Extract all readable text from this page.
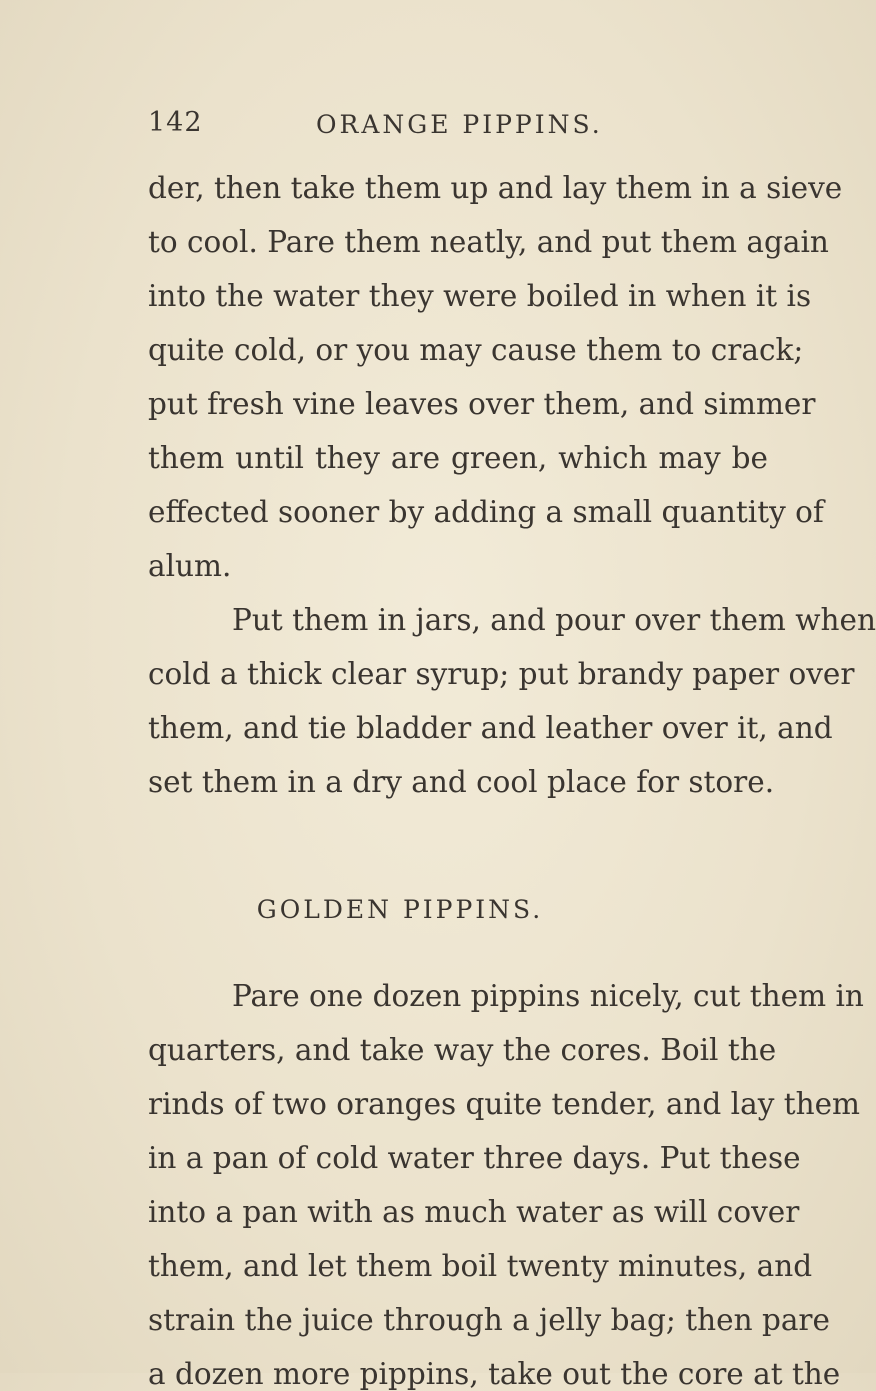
142	ORANGE PIPPINS.
der, then take them up and lay them in a sieve
to cool. Pare them neatly, and put them again
into the water they were boiled in when it is
quite cold, or you may cause them to crack;
put fresh vine leaves over them, and simmer
them until they are green, which may be
effected sooner by adding a small quantity of
alum.
Put them in jars, and pour over them when
cold a thick clear syrup; put brandy paper over
them, and tie bladder and leather over it, and
set them in a dry and cool place for store.
GOLDEN PIPPINS.
Pare one dozen pippins nicely, cut them in
quarters, and take way the cores. Boil the
rinds of two oranges quite tender, and lay them
in a pan of cold water three days. Put these
into a pan with as much water as will cover
them, and let them boil twenty minutes, and
strain the juice through a jelly bag; then pare
a dozen more pippins, take out the core at the
